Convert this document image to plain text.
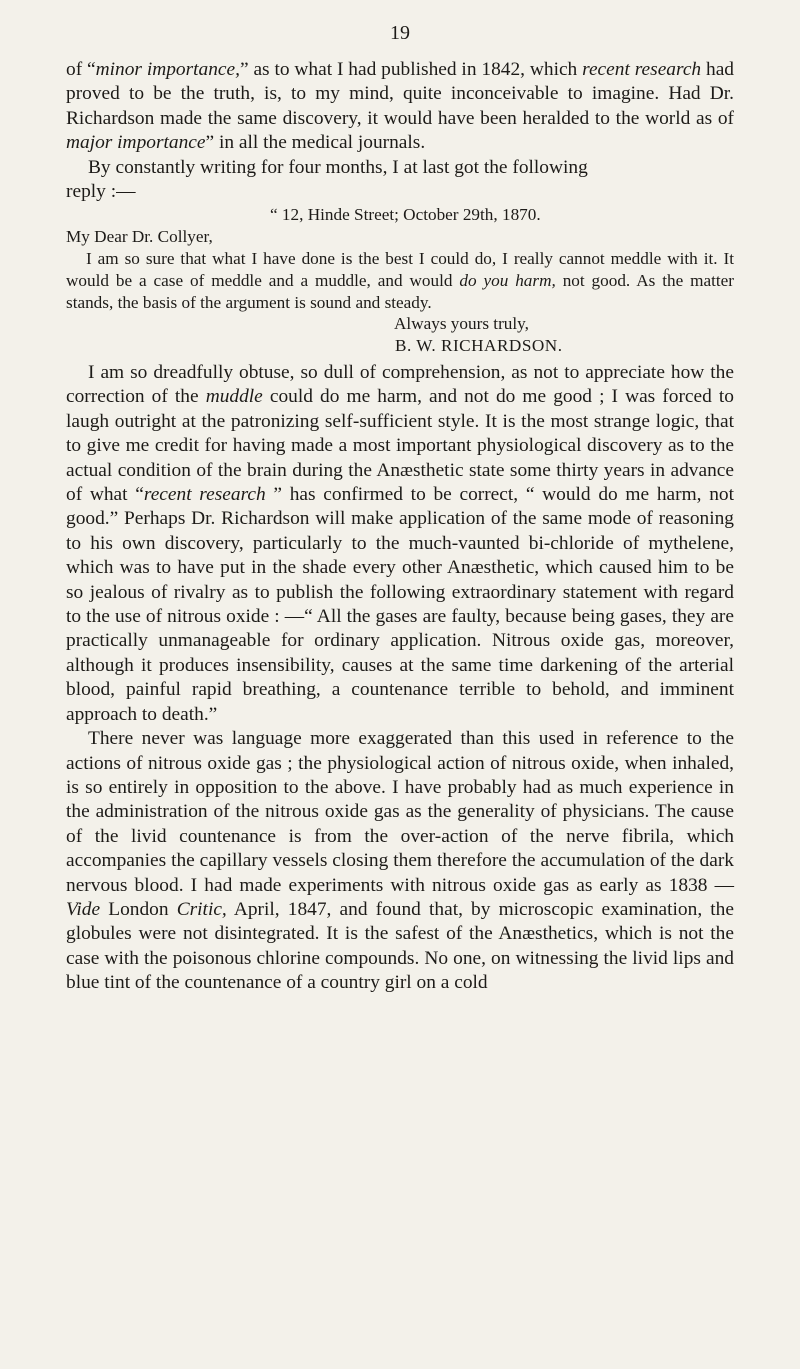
19

of “minor importance,” as to what I had published in 1842, which recent research had proved to be the truth, is, to my mind, quite inconceivable to imagine. Had Dr. Richardson made the same discovery, it would have been heralded to the world as of major importance” in all the medical journals.

By constantly writing for four months, I at last got the following

reply :—

“ 12, Hinde Street; October 29th, 1870.

My Dear Dr. Collyer,

I am so sure that what I have done is the best I could do, I really cannot meddle with it. It would be a case of meddle and a muddle, and would do you harm, not good. As the matter stands, the basis of the argument is sound and steady.

Always yours truly,

B. W. RICHARDSON.

I am so dreadfully obtuse, so dull of comprehension, as not to appreciate how the correction of the muddle could do me harm, and not do me good ; I was forced to laugh outright at the patronizing self-sufficient style. It is the most strange logic, that to give me credit for having made a most important physiological discovery as to the actual condition of the brain during the Anæsthetic state some thirty years in advance of what “recent research ” has confirmed to be correct, “ would do me harm, not good.” Perhaps Dr. Richardson will make application of the same mode of reasoning to his own discovery, particularly to the much-vaunted bi-chloride of mythelene, which was to have put in the shade every other Anæsthetic, which caused him to be so jealous of rivalry as to publish the following extraordinary statement with regard to the use of nitrous oxide : —“ All the gases are faulty, because being gases, they are practically unmanageable for ordinary application. Nitrous oxide gas, moreover, although it produces insensibility, causes at the same time darkening of the arterial blood, painful rapid breathing, a countenance terrible to behold, and imminent approach to death.”

There never was language more exaggerated than this used in reference to the actions of nitrous oxide gas ; the physiological action of nitrous oxide, when inhaled, is so entirely in opposition to the above. I have probably had as much experience in the administration of the nitrous oxide gas as the generality of physicians. The cause of the livid countenance is from the over-action of the nerve fibrila, which accompanies the capillary vessels closing them therefore the accumulation of the dark nervous blood. I had made experiments with nitrous oxide gas as early as 1838 — Vide London Critic, April, 1847, and found that, by microscopic examination, the globules were not disintegrated. It is the safest of the Anæsthetics, which is not the case with the poisonous chlorine compounds. No one, on witnessing the livid lips and blue tint of the countenance of a country girl on a cold
